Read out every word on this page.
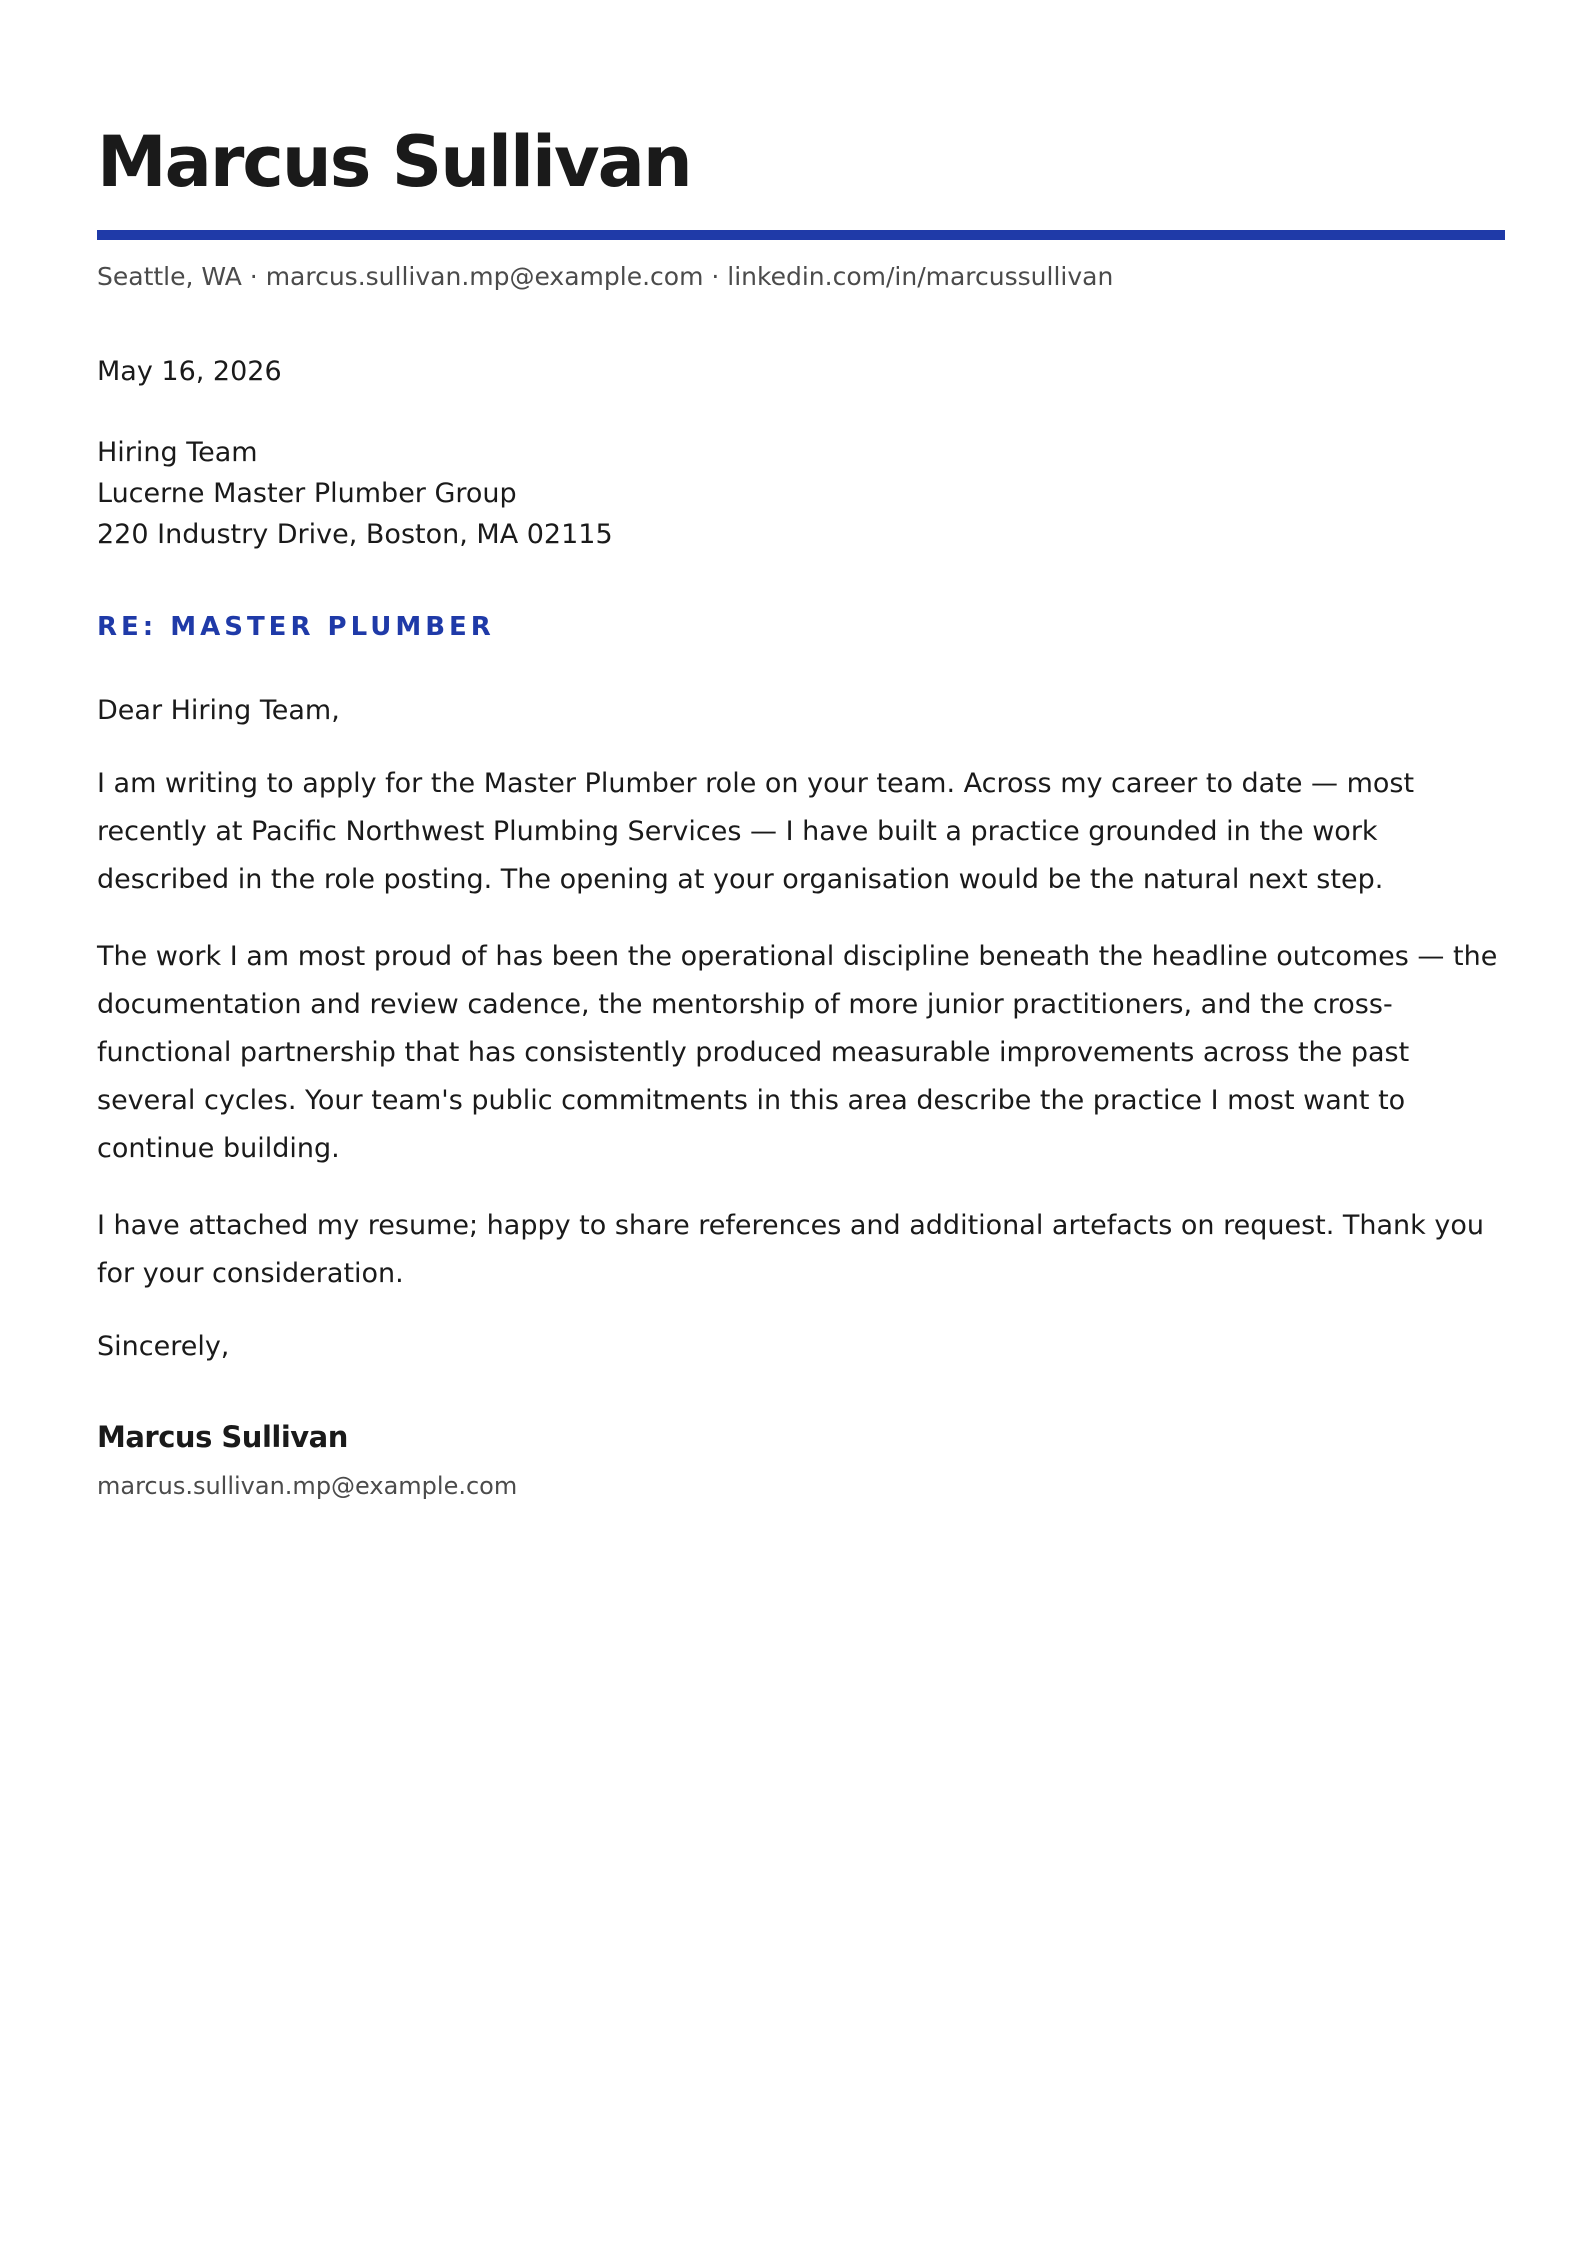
Marcus Sullivan
Seattle, WA · marcus.sullivan.mp@example.com · linkedin.com/in/marcussullivan
May 16, 2026
Hiring Team
Lucerne Master Plumber Group
220 Industry Drive, Boston, MA 02115
RE: MASTER PLUMBER
Dear Hiring Team,

I am writing to apply for the Master Plumber role on your team. Across my career to date — most recently at Pacific Northwest Plumbing Services — I have built a practice grounded in the work described in the role posting. The opening at your organisation would be the natural next step.

The work I am most proud of has been the operational discipline beneath the headline outcomes — the documentation and review cadence, the mentorship of more junior practitioners, and the cross-functional partnership that has consistently produced measurable improvements across the past several cycles. Your team's public commitments in this area describe the practice I most want to continue building.

I have attached my resume; happy to share references and additional artefacts on request. Thank you for your consideration.

Sincerely,
Marcus Sullivan
marcus.sullivan.mp@example.com
